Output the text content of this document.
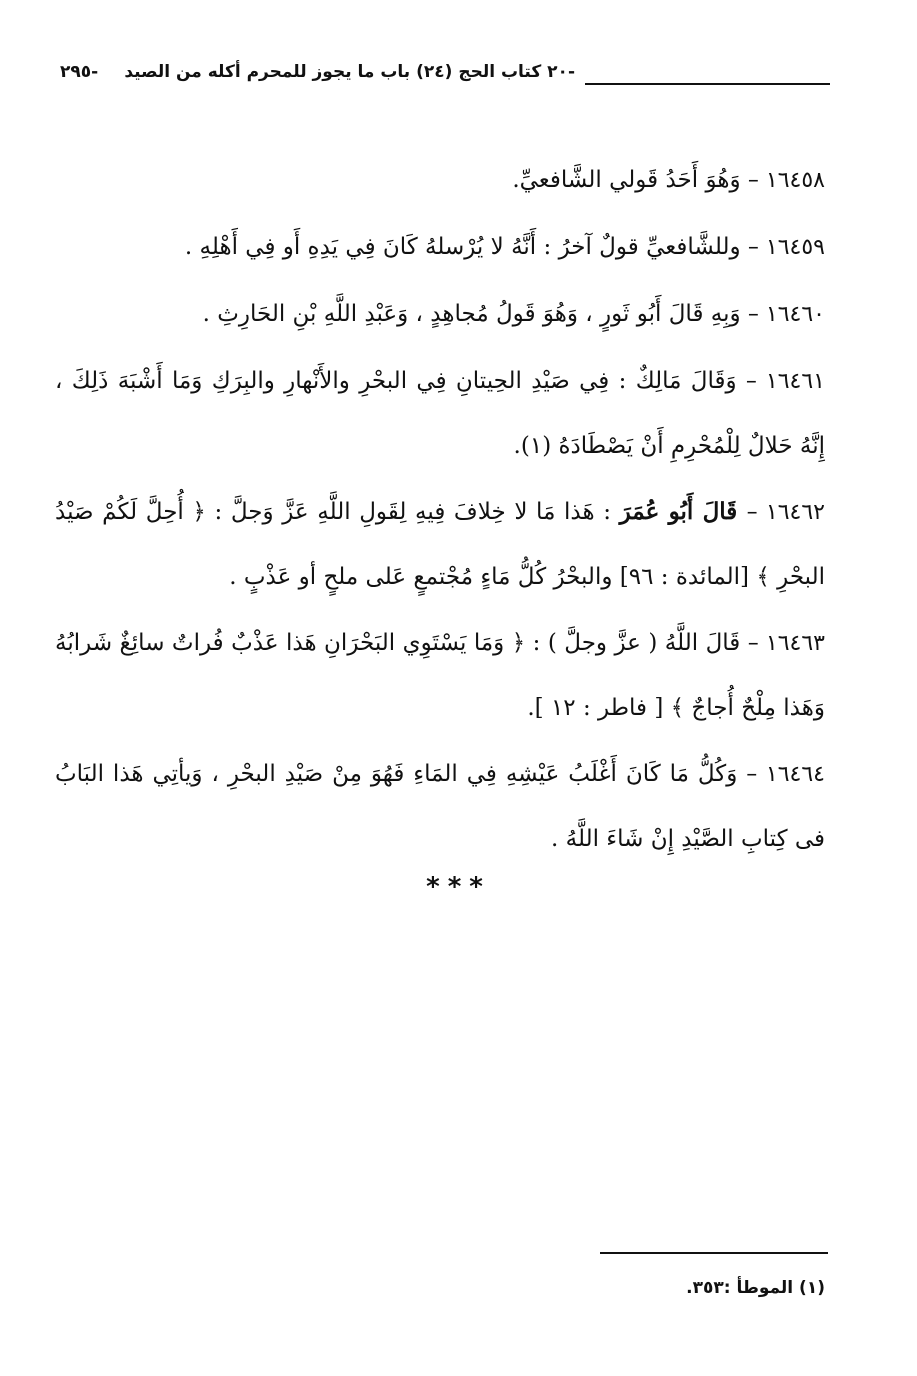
-٢٠ كتاب الحج (٢٤) باب ما يجوز للمحرم أكله من الصيد
-٢٩٥

١٦٤٥٨ – وَهُوَ أَحَدُ قَولي الشَّافعيِّ.

١٦٤٥٩ – وللشَّافعيِّ قولٌ آخرُ : أَنَّهُ لا يُرْسلهُ كَانَ فِي يَدِهِ أَو فِي أَهْلِهِ .

١٦٤٦٠ – وَبِهِ قَالَ أَبُو ثَورٍ ، وَهُوَ قَولُ مُجاهِدٍ ، وَعَبْدِ اللَّهِ بْنِ الحَارِثِ .

١٦٤٦١ – وَقَالَ مَالِكٌ : فِي صَيْدِ الحِيتانِ فِي البحْرِ والأَنْهارِ والبِرَكِ وَمَا أَشْبَهَ ذَلِكَ ، إِنَّهُ حَلالٌ لِلْمُحْرِمِ أَنْ يَصْطَادَهُ (١).

١٦٤٦٢ – قَالَ أَبُو عُمَرَ : هَذا مَا لا خِلافَ فِيهِ لِقَولِ اللَّهِ عَزَّ وَجلَّ : ﴿ أُحِلَّ لَكُمْ صَيْدُ البحْرِ ﴾ [المائدة : ٩٦] والبحْرُ كُلُّ مَاءٍ مُجْتمعٍ عَلى ملحٍ أو عَذْبٍ .

١٦٤٦٣ – قَالَ اللَّهُ ( عزَّ وجلَّ ) : ﴿ وَمَا يَسْتَوِي البَحْرَانِ هَذا عَذْبٌ فُراتٌ سائِغٌ شَرابُهُ وَهَذا مِلْحٌ أُجاجٌ ﴾ [ فاطر : ١٢ ].

١٦٤٦٤ – وَكُلُّ مَا كَانَ أَغْلَبُ عَيْشِهِ فِي المَاءِ فَهُوَ مِنْ صَيْدِ البحْرِ ، وَيأتِي هَذا البَابُ فى كِتابِ الصَّيْدِ إِنْ شَاءَ اللَّهُ .

***
(١) الموطأ :٣٥٣.
